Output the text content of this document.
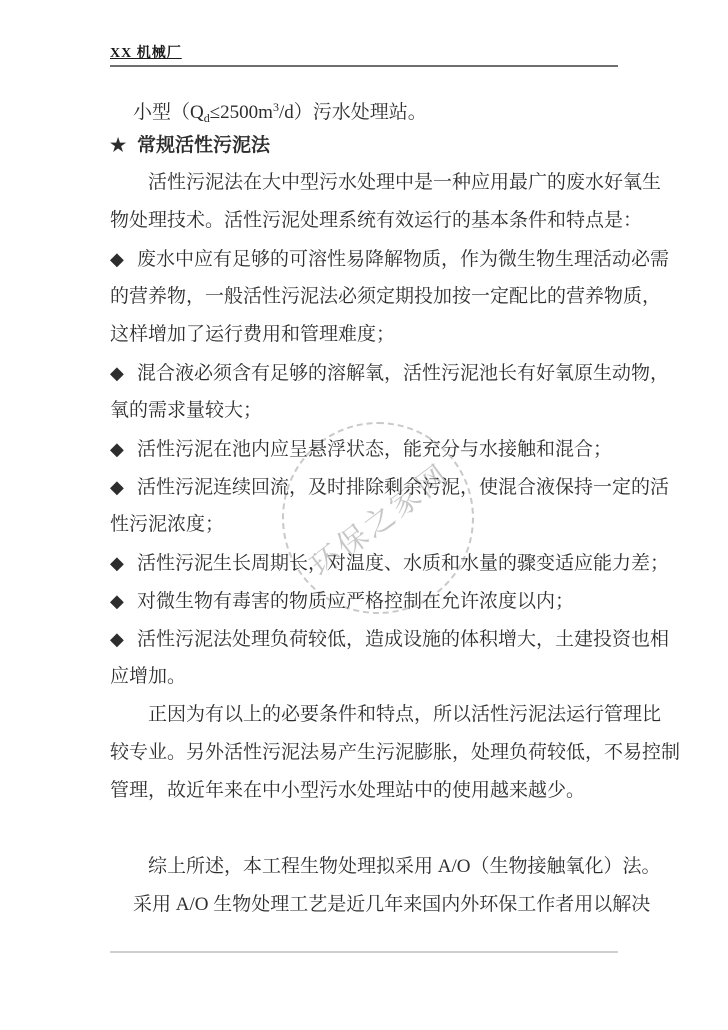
XX 机械厂
环保之家网
小型$(Q_d\le 2500m^3/d)$污水处理站。
★ 常规活性污泥法
活性污泥法在大中型污水处理中是一种应用最广的废水好氧生
物处理技术。活性污泥处理系统有效运行的基本条件和特点是：
◆ 废水中应有足够的可溶性易降解物质，作为微生物生理活动必需
的营养物，一般活性污泥法必须定期投加按一定配比的营养物质，
这样增加了运行费用和管理难度；
◆ 混合液必须含有足够的溶解氧，活性污泥池长有好氧原生动物，
氧的需求量较大；
◆ 活性污泥在池内应呈悬浮状态，能充分与水接触和混合；
◆ 活性污泥连续回流，及时排除剩余污泥，使混合液保持一定的活
性污泥浓度；
◆ 活性污泥生长周期长，对温度、水质和水量的骤变适应能力差；
◆ 对微生物有毒害的物质应严格控制在允许浓度以内；
◆ 活性污泥法处理负荷较低，造成设施的体积增大，土建投资也相
应增加。
正因为有以上的必要条件和特点，所以活性污泥法运行管理比
较专业。另外活性污泥法易产生污泥膨胀，处理负荷较低，不易控制
管理，故近年来在中小型污水处理站中的使用越来越少。
综上所述，本工程生物处理拟采用 A/O（生物接触氧化）法。
采用 A/O 生物处理工艺是近几年来国内外环保工作者用以解决
